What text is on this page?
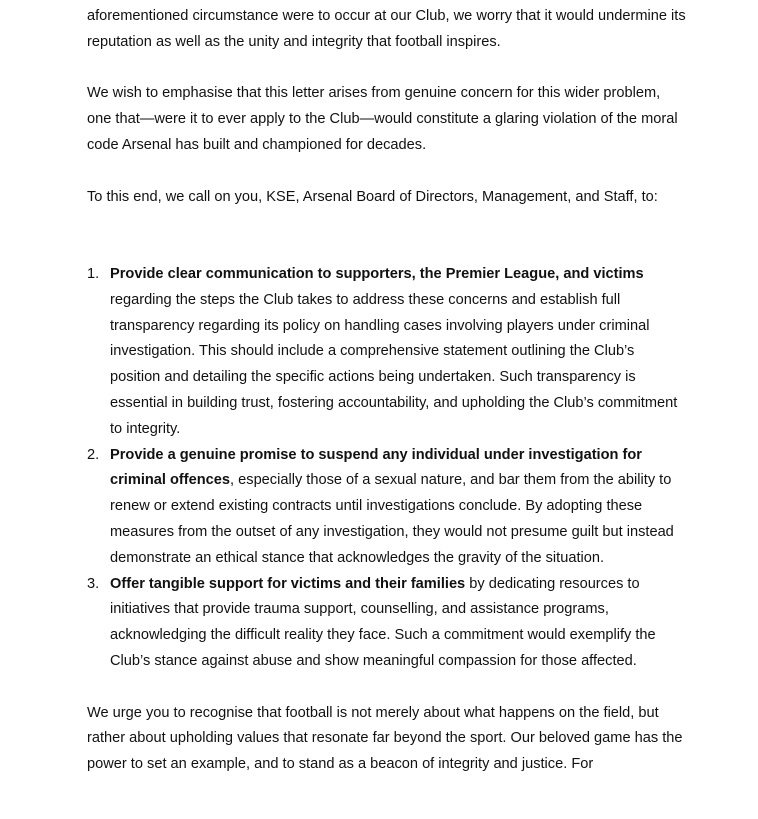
aforementioned circumstance were to occur at our Club, we worry that it would undermine its reputation as well as the unity and integrity that football inspires.

We wish to emphasise that this letter arises from genuine concern for this wider problem, one that—were it to ever apply to the Club—would constitute a glaring violation of the moral code Arsenal has built and championed for decades.

To this end, we call on you, KSE, Arsenal Board of Directors, Management, and Staff, to:

1. Provide clear communication to supporters, the Premier League, and victims regarding the steps the Club takes to address these concerns and establish full transparency regarding its policy on handling cases involving players under criminal investigation. This should include a comprehensive statement outlining the Club’s position and detailing the specific actions being undertaken. Such transparency is essential in building trust, fostering accountability, and upholding the Club’s commitment to integrity.
2. Provide a genuine promise to suspend any individual under investigation for criminal offences, especially those of a sexual nature, and bar them from the ability to renew or extend existing contracts until investigations conclude. By adopting these measures from the outset of any investigation, they would not presume guilt but instead demonstrate an ethical stance that acknowledges the gravity of the situation.
3. Offer tangible support for victims and their families by dedicating resources to initiatives that provide trauma support, counselling, and assistance programs, acknowledging the difficult reality they face. Such a commitment would exemplify the Club’s stance against abuse and show meaningful compassion for those affected.

We urge you to recognise that football is not merely about what happens on the field, but rather about upholding values that resonate far beyond the sport. Our beloved game has the power to set an example, and to stand as a beacon of integrity and justice. For
